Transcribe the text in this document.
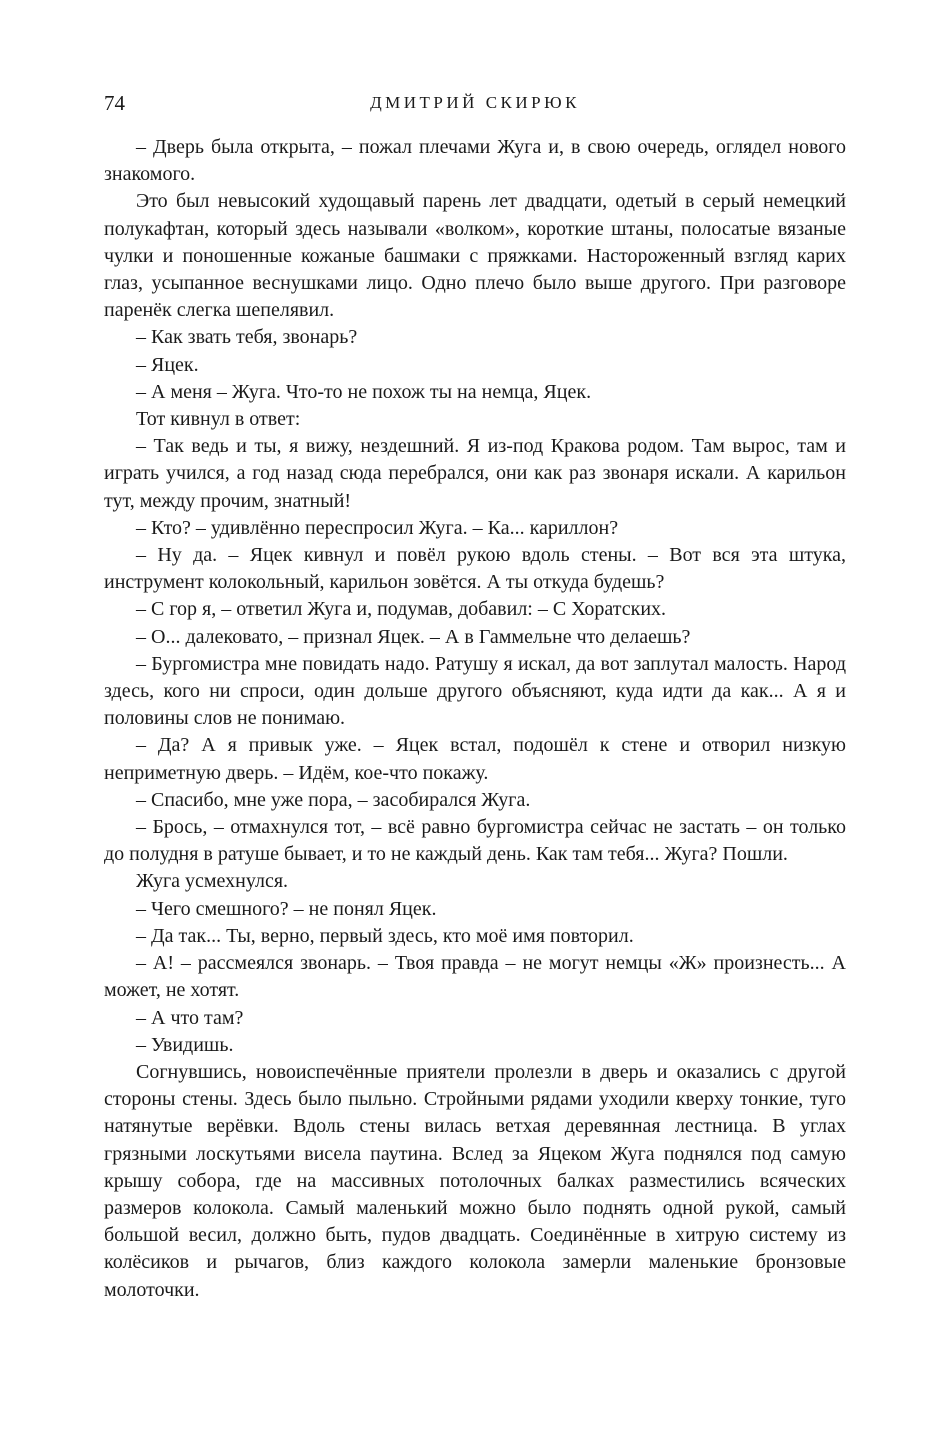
74	ДМИТРИЙ СКИРЮК

– Дверь была открыта, – пожал плечами Жуга и, в свою очередь, оглядел нового знакомого.

Это был невысокий худощавый парень лет двадцати, одетый в серый немецкий полукафтан, который здесь называли «волком», короткие штаны, полосатые вязаные чулки и поношенные кожаные башмаки с пряжками. Настороженный взгляд карих глаз, усыпанное веснушками лицо. Одно плечо было выше другого. При разговоре паренёк слегка шепелявил.

– Как звать тебя, звонарь?

– Яцек.

– А меня – Жуга. Что-то не похож ты на немца, Яцек.

Тот кивнул в ответ:

– Так ведь и ты, я вижу, нездешний. Я из-под Кракова родом. Там вырос, там и играть учился, а год назад сюда перебрался, они как раз звонаря искали. А карильон тут, между прочим, знатный!

– Кто? – удивлённо переспросил Жуга. – Ка... кариллон?

– Ну да. – Яцек кивнул и повёл рукою вдоль стены. – Вот вся эта штука, инструмент колокольный, карильон зовётся. А ты откуда будешь?

– С гор я, – ответил Жуга и, подумав, добавил: – С Хоратских.

– О... далековато, – признал Яцек. – А в Гаммельне что делаешь?

– Бургомистра мне повидать надо. Ратушу я искал, да вот заплутал малость. Народ здесь, кого ни спроси, один дольше другого объясняют, куда идти да как... А я и половины слов не понимаю.

– Да? А я привык уже. – Яцек встал, подошёл к стене и отворил низкую неприметную дверь. – Идём, кое-что покажу.

– Спасибо, мне уже пора, – засобирался Жуга.

– Брось, – отмахнулся тот, – всё равно бургомистра сейчас не застать – он только до полудня в ратуше бывает, и то не каждый день. Как там тебя... Жуга? Пошли.

Жуга усмехнулся.

– Чего смешного? – не понял Яцек.

– Да так... Ты, верно, первый здесь, кто моё имя повторил.

– А! – рассмеялся звонарь. – Твоя правда – не могут немцы «Ж» произнесть... А может, не хотят.

– А что там?

– Увидишь.

Согнувшись, новоиспечённые приятели пролезли в дверь и оказались с другой стороны стены. Здесь было пыльно. Стройными рядами уходили кверху тонкие, туго натянутые верёвки. Вдоль стены вилась ветхая деревянная лестница. В углах грязными лоскутьями висела паутина. Вслед за Яцеком Жуга поднялся под самую крышу собора, где на массивных потолочных балках разместились всяческих размеров колокола. Самый маленький можно было поднять одной рукой, самый большой весил, должно быть, пудов двадцать. Соединённые в хитрую систему из колёсиков и рычагов, близ каждого колокола замерли маленькие бронзовые молоточки.
